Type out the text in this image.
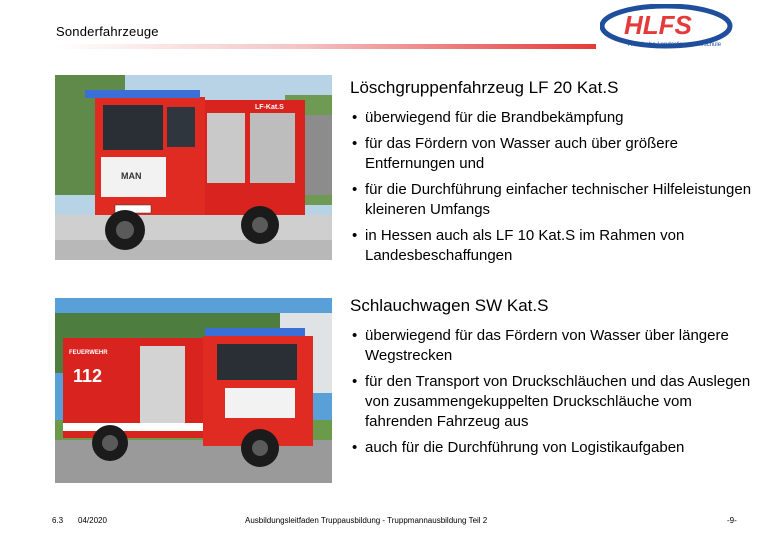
Sonderfahrzeuge	HLFS
Hessische Landesfeuerwehrschule
LF-Kat.S
MAN
FEUERWEHR
112
Löschgruppenfahrzeug LF 20 Kat.S
• überwiegend für die Brandbekämpfung
• für das Fördern von Wasser auch über größere Entfernungen und
• für die Durchführung einfacher technischer Hilfeleistungen kleineren Umfangs
• in Hessen auch als LF 10 Kat.S im Rahmen von Landesbeschaffungen
Schlauchwagen SW Kat.S
• überwiegend für das Fördern von Wasser über längere Wegstrecken
• für den Transport von Druckschläuchen und das Auslegen von zusammengekuppelten Druckschläuche vom fahrenden Fahrzeug aus
• auch für die Durchführung von Logistikaufgaben
6.3 04/2020	Ausbildungsleitfaden Truppausbildung - Truppmannausbildung Teil 2	-9-
